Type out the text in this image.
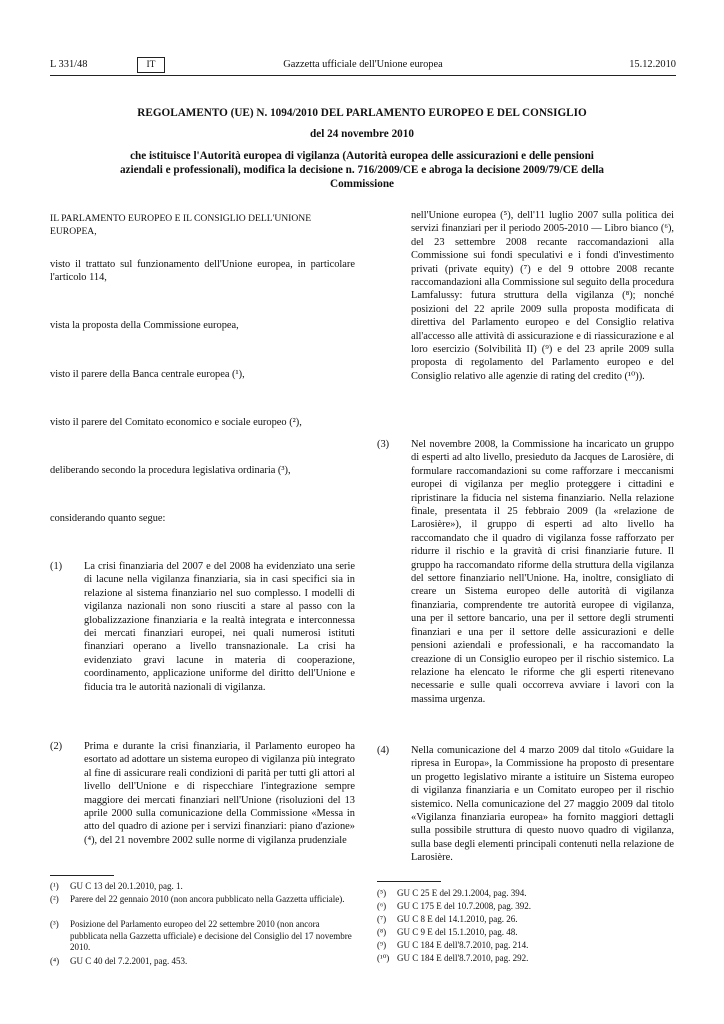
L 331/48	IT	Gazzetta ufficiale dell'Unione europea	15.12.2010
REGOLAMENTO (UE) N. 1094/2010 DEL PARLAMENTO EUROPEO E DEL CONSIGLIO
del 24 novembre 2010
che istituisce l'Autorità europea di vigilanza (Autorità europea delle assicurazioni e delle pensioni aziendali e professionali), modifica la decisione n. 716/2009/CE e abroga la decisione 2009/79/CE della Commissione
IL PARLAMENTO EUROPEO E IL CONSIGLIO DELL'UNIONE EUROPEA,
visto il trattato sul funzionamento dell'Unione europea, in particolare l'articolo 114,
vista la proposta della Commissione europea,
visto il parere della Banca centrale europea (¹),
visto il parere del Comitato economico e sociale europeo (²),
deliberando secondo la procedura legislativa ordinaria (³),
considerando quanto segue:
(1) La crisi finanziaria del 2007 e del 2008 ha evidenziato una serie di lacune nella vigilanza finanziaria, sia in casi specifici sia in relazione al sistema finanziario nel suo complesso. I modelli di vigilanza nazionali non sono riusciti a stare al passo con la globalizzazione finanziaria e la realtà integrata e interconnessa dei mercati finanziari europei, nei quali numerosi istituti finanziari operano a livello transnazionale. La crisi ha evidenziato gravi lacune in materia di cooperazione, coordinamento, applicazione uniforme del diritto dell'Unione e fiducia tra le autorità nazionali di vigilanza.
(2) Prima e durante la crisi finanziaria, il Parlamento europeo ha esortato ad adottare un sistema europeo di vigilanza più integrato al fine di assicurare reali condizioni di parità per tutti gli attori al livello dell'Unione e di rispecchiare l'integrazione sempre maggiore dei mercati finanziari nell'Unione (risoluzioni del 13 aprile 2000 sulla comunicazione della Commissione «Messa in atto del quadro di azione per i servizi finanziari: piano d'azione» (⁴), del 21 novembre 2002 sulle norme di vigilanza prudenziale
(¹) GU C 13 del 20.1.2010, pag. 1.
(²) Parere del 22 gennaio 2010 (non ancora pubblicato nella Gazzetta ufficiale).
(³) Posizione del Parlamento europeo del 22 settembre 2010 (non ancora pubblicata nella Gazzetta ufficiale) e decisione del Consiglio del 17 novembre 2010.
(⁴) GU C 40 del 7.2.2001, pag. 453.
nell'Unione europea (⁵), dell'11 luglio 2007 sulla politica dei servizi finanziari per il periodo 2005-2010 — Libro bianco (⁶), del 23 settembre 2008 recante raccomandazioni alla Commissione sui fondi speculativi e i fondi d'investimento privati (private equity) (⁷) e del 9 ottobre 2008 recante raccomandazioni alla Commissione sul seguito della procedura Lamfalussy: futura struttura della vigilanza (⁸); nonché posizioni del 22 aprile 2009 sulla proposta modificata di direttiva del Parlamento europeo e del Consiglio relativa all'accesso alle attività di assicurazione e di riassicurazione e al loro esercizio (Solvibilità II) (⁹) e del 23 aprile 2009 sulla proposta di regolamento del Parlamento europeo e del Consiglio relativo alle agenzie di rating del credito (¹⁰)).
(3) Nel novembre 2008, la Commissione ha incaricato un gruppo di esperti ad alto livello, presieduto da Jacques de Larosière, di formulare raccomandazioni su come rafforzare i meccanismi europei di vigilanza per meglio proteggere i cittadini e ripristinare la fiducia nel sistema finanziario. Nella relazione finale, presentata il 25 febbraio 2009 (la «relazione de Larosière»), il gruppo di esperti ad alto livello ha raccomandato che il quadro di vigilanza fosse rafforzato per ridurre il rischio e la gravità di crisi finanziarie future. Il gruppo ha raccomandato riforme della struttura della vigilanza del settore finanziario nell'Unione. Ha, inoltre, consigliato di creare un Sistema europeo delle autorità di vigilanza finanziaria, comprendente tre autorità europee di vigilanza, una per il settore bancario, una per il settore degli strumenti finanziari e una per il settore delle assicurazioni e delle pensioni aziendali e professionali, e ha raccomandato la creazione di un Consiglio europeo per il rischio sistemico. La relazione ha elencato le riforme che gli esperti ritenevano necessarie e sulle quali occorreva avviare i lavori con la massima urgenza.
(4) Nella comunicazione del 4 marzo 2009 dal titolo «Guidare la ripresa in Europa», la Commissione ha proposto di presentare un progetto legislativo mirante a istituire un Sistema europeo di vigilanza finanziaria e un Comitato europeo per il rischio sistemico. Nella comunicazione del 27 maggio 2009 dal titolo «Vigilanza finanziaria europea» ha fornito maggiori dettagli sulla possibile struttura di questo nuovo quadro di vigilanza, sulla base degli elementi principali contenuti nella relazione de Larosière.
(⁵) GU C 25 E del 29.1.2004, pag. 394.
(⁶) GU C 175 E del 10.7.2008, pag. 392.
(⁷) GU C 8 E del 14.1.2010, pag. 26.
(⁸) GU C 9 E del 15.1.2010, pag. 48.
(⁹) GU C 184 E dell'8.7.2010, pag. 214.
(¹⁰) GU C 184 E dell'8.7.2010, pag. 292.
